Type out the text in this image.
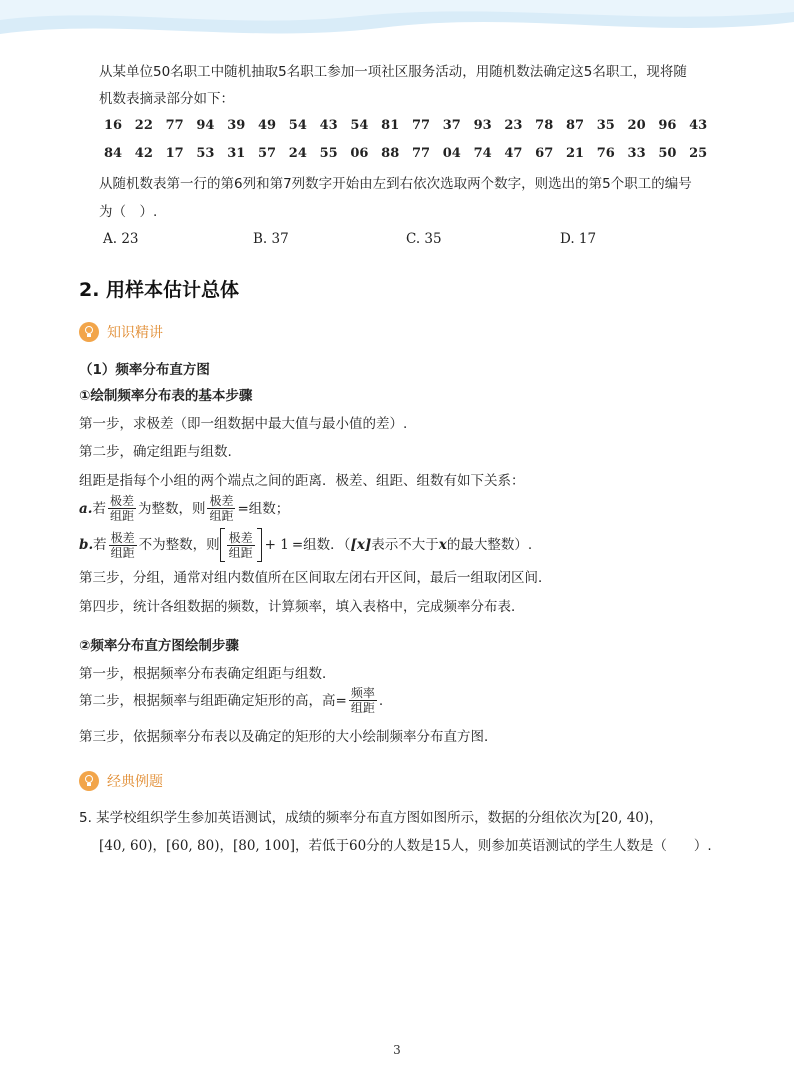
从某单位50名职工中随机抽取5名职工参加一项社区服务活动，用随机数法确定这5名职工，现将随
机数表摘录部分如下：
16 22 77 94 39 49 54 43 54 81 77 37 93 23 78 87 35 20 96 43
84 42 17 53 31 57 24 55 06 88 77 04 74 47 67 21 76 33 50 25
从随机数表第一行的第6列和第7列数字开始由左到右依次选取两个数字，则选出的第5个职工的编号
为（　）.
A. 23	B. 37	C. 35	D. 17
2. 用样本估计总体
知识精讲
（1）频率分布直方图
①绘制频率分布表的基本步骤
第一步，求极差（即一组数据中最大值与最小值的差）.
第二步，确定组距与组数.
组距是指每个小组的两个端点之间的距离．极差、组距、组数有如下关系：
a. 若 $\frac{\text{极差}}{\text{组距}}$ 为整数，则 $\frac{\text{极差}}{\text{组距}}$ =组数；
b. 若 $\frac{\text{极差}}{\text{组距}}$ 不为整数，则 $\frac{\text{极差}}{\text{组距}} + 1$ =组数．（ [x] 表示不大于 x 的最大整数）.
第三步，分组，通常对组内数值所在区间取左闭右开区间，最后一组取闭区间．
第四步，统计各组数据的频数，计算频率，填入表格中，完成频率分布表．
②频率分布直方图绘制步骤
第一步，根据频率分布表确定组距与组数．
第二步，根据频率与组距确定矩形的高，高= $\frac{\text{频率}}{\text{组距}}$ .
第三步，依据频率分布表以及确定的矩形的大小绘制频率分布直方图．
经典例题
5. 某学校组织学生参加英语测试，成绩的频率分布直方图如图所示，数据的分组依次为[20, 40)，
[40, 60)，[60, 80)，[80, 100]，若低于60分的人数是15人，则参加英语测试的学生人数是（　　）.
3
